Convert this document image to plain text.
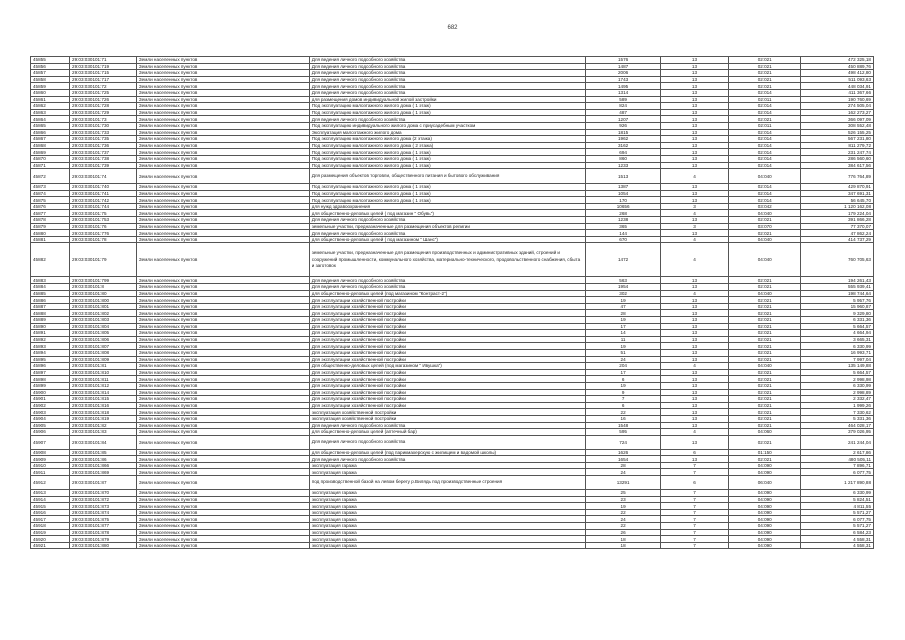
682
45855	29:03:030101:71	Земли населенных пунктов	Для ведения личного подсобного хозяйства	1576	13	02:021	472 325,18
45856	29:03:030101:719	Земли населенных пунктов	Для ведения личного подсобного хозяйства	1487	13	02:021	450 889,76
45857	29:03:030101:715	Земли населенных пунктов	Для ведения личного подсобного хозяйства	2006	13	02:021	498 412,80
45858	29:03:030101:717	Земли населенных пунктов	Для ведения личного подсобного хозяйства	1743	13	02:021	511 093,63
45859	29:03:030101:72	Земли населенных пунктов	Для ведения личного подсобного хозяйства	1495	13	02:021	448 034,91
45860	29:03:030101:725	Земли населенных пунктов	Для ведения личного подсобного хозяйства	1314	13	02:014	411 367,66
45861	29:03:030101:726	Земли населенных пунктов	для размещения домов индивидуальной жилой застройки	589	13	02:011	190 760,69
45862	29:03:030101:728	Земли населенных пунктов	Под эксплуатацию малоэтажного жилого дома ( 1 этаж)	824	13	02:014	274 505,04
45863	29:03:030101:729	Земли населенных пунктов	Под эксплуатацию малоэтажного жилого дома ( 1 этаж)	487	13	02:014	162 273,27
45864	29:03:030101:73	Земли населенных пунктов	Для ведения личного подсобного хозяйства	1207	13	02:021	366 097,09
45865	29:03:030101:730	Земли населенных пунктов	Под эксплуатацию индивидуального жилого дома с приусадебным участком	926	13	02:011	308 552,48
45866	29:03:030101:733	Земли населенных пунктов	Эксплуатация малоэтажного жилого дома	1815	13	02:014	526 155,25
45867	29:03:030101:735	Земли населенных пунктов	Под эксплуатацию малоэтажного жилого дома (2 этажа)	1962	13	02:014	567 231,80
45868	29:03:030101:736	Земли населенных пунктов	Под эксплуатацию малоэтажного жилого дома ( 2 этажа)	3162	13	02:014	811 279,72
45869	29:03:030101:737	Земли населенных пунктов	Под эксплуатацию малоэтажного жилого дома ( 1 этаж)	694	13	02:014	231 247,74
45870	29:03:030101:738	Земли населенных пунктов	Под эксплуатацию малоэтажного жилого дома ( 1 этаж)	860	13	02:014	286 560,60
45871	29:03:030101:739	Земли населенных пунктов	Под эксплуатацию малоэтажного жилого дома ( 1 этаж)	1233	13	02:014	384 617,56
45872	29:03:030101:74	Земли населенных пунктов	Для размещения объектов торговли, общественного питания и бытового обслуживания	1513	4	04:040	776 764,89
45873	29:03:030101:740	Земли населенных пунктов	Под эксплуатацию малоэтажного жилого дома ( 1 этаж)	1387	13	02:014	429 870,91
45874	29:03:030101:741	Земли населенных пунктов	Под эксплуатацию малоэтажного жилого дома ( 1 этаж)	1054	13	02:014	347 691,31
45875	29:03:030101:742	Земли населенных пунктов	Под эксплуатацию малоэтажного жилого дома ( 1 этаж)	170	13	02:014	56 645,70
45876	29:03:030101:744	Земли населенных пунктов	для нужд здравоохранения	10656	3	03:042	1 120 162,08
45877	29:03:030101:75	Земли населенных пунктов	для общественно-деловых целей ( под магазин " Обувь")	268	4	04:040	179 224,04
45878	29:03:030101:753	Земли населенных пунктов	Для ведения личного подсобного хозяйства	1238	13	02:021	391 866,28
45879	29:03:030101:76	Земли населенных пунктов	земельные участки, предназначенные для размещения объектов религии	365	3	03:070	77 370,07
45880	29:03:030101:776	Земли населенных пунктов	Для ведения личного подсобного хозяйства	144	13	02:021	47 862,24
45881	29:03:030101:78	Земли населенных пунктов	для общественно-деловых целей ( под магазином " Шанс")	670	4	04:040	414 737,29
45882	29:03:030101:79	Земли населенных пунктов	земельные участки, предназначенные для размещения производственных и административных зданий, строений и сооружений промышленности, коммунального хозяйства, материально-технического, продовольственного снабжения, сбыта и заготовок	1472	4	04:040	760 705,63
45883	29:03:030101:799	Земли населенных пунктов	Для ведения личного подсобного хозяйства	563	13	02:021	194 261,43
45884	29:03:030101:8	Земли населенных пунктов	Для ведения личного подсобного хозяйства	1954	13	02:021	555 939,41
45885	29:03:030101:80	Земли населенных пунктов	для общественно-деловых целей (под магазином "Контраст-2")	302	4	04:040	198 744,64
45886	29:03:030101:800	Земли населенных пунктов	Для эксплуатации хозяйственной постройки	19	13	02:021	5 957,76
45887	29:03:030101:801	Земли населенных пунктов	Для эксплуатации хозяйственной постройки	47	13	02:021	15 960,87
45888	29:03:030101:802	Земли населенных пунктов	Для эксплуатации хозяйственной постройки	28	13	02:021	9 329,80
45889	29:03:030101:803	Земли населенных пунктов	Для эксплуатации хозяйственной постройки	19	13	02:021	6 331,36
45890	29:03:030101:804	Земли населенных пунктов	Для эксплуатации хозяйственной постройки	17	13	02:021	5 664,57
45891	29:03:030101:805	Земли населенных пунктов	Для эксплуатации хозяйственной постройки	14	13	02:021	4 664,94
45892	29:03:030101:806	Земли населенных пунктов	Для эксплуатации хозяйственной постройки	11	13	02:021	3 665,31
45893	29:03:030101:807	Земли населенных пунктов	Для эксплуатации хозяйственной постройки	19	13	02:021	6 330,99
45894	29:03:030101:808	Земли населенных пунктов	Для эксплуатации хозяйственной постройки	51	13	02:021	16 993,71
45895	29:03:030101:809	Земли населенных пунктов	Для эксплуатации хозяйственной постройки	24	13	02:021	7 997,04
45896	29:03:030101:81	Земли населенных пунктов	Для общественно-деловых целей (под магазином " Ивушка")	204	4	04:040	135 149,88
45897	29:03:030101:810	Земли населенных пунктов	Для эксплуатации хозяйственной постройки	17	13	02:021	5 664,57
45898	29:03:030101:811	Земли населенных пунктов	Для эксплуатации хозяйственной постройки	6	13	02:021	2 998,98
45899	29:03:030101:812	Земли населенных пунктов	Для эксплуатации хозяйственной постройки	19	13	02:021	6 330,99
45900	29:03:030101:814	Земли населенных пунктов	Для эксплуатации хозяйственной постройки	9	13	02:021	2 998,89
45901	29:03:030101:815	Земли населенных пунктов	Для эксплуатации хозяйственной постройки	7	13	02:021	2 332,47
45902	29:03:030101:816	Земли населенных пунктов	Для эксплуатации хозяйственной постройки	6	13	02:021	1 999,26
45903	29:03:030101:818	Земли населенных пунктов	эксплуатация хозяйственной постройки	22	13	02:021	7 330,62
45904	29:03:030101:819	Земли населенных пунктов	эксплуатация хозяйственной постройки	16	13	02:021	5 331,36
45905	29:03:030101:82	Земли населенных пунктов	Для ведения личного подсобного хозяйства	1548	13	02:021	464 028,17
45906	29:03:030101:83	Земли населенных пунктов	для общественно-деловых целей (аптечный бар)	595	4	04:060	379 026,95
45907	29:03:030101:84	Земли населенных пунктов	Для ведения личного подсобного хозяйства	724	13	02:021	241 244,04
45908	29:03:030101:85	Земли населенных пунктов	для общественно-деловых целей (под парикмахерскую с жилищем и вадомой школы)	1626	6	01:150	2 617,86
45909	29:03:030101:86	Земли населенных пунктов	Для ведения личного подсобного хозяйства	1654	13	02:021	480 505,11
45910	29:03:030101:866	Земли населенных пунктов	эксплуатация гаража	28	7	04:090	7 896,71
45911	29:03:030101:869	Земли населенных пунктов	эксплуатация гаража	24	7	04:090	6 077,75
45912	29:03:030101:87	Земли населенных пунктов	под производственной базой на левом берегу р.Вилядь под производственные строения	13291	6	06:040	1 217 890,88
45913	29:03:030101:870	Земли населенных пунктов	эксплуатация гаража	25	7	04:090	6 330,99
45914	29:03:030101:872	Земли населенных пунктов	эксплуатация гаража	23	7	04:090	5 824,51
45915	29:03:030101:873	Земли населенных пунктов	эксплуатация гаража	19	7	04:090	4 811,55
45916	29:03:030101:874	Земли населенных пунктов	эксплуатация гаража	22	7	04:090	5 571,27
45917	29:03:030101:875	Земли населенных пунктов	эксплуатация гаража	24	7	04:090	6 077,75
45918	29:03:030101:877	Земли населенных пунктов	эксплуатация гаража	22	7	04:090	5 571,27
45919	29:03:030101:878	Земли населенных пунктов	эксплуатация гаража	26	7	04:090	6 584,23
45920	29:03:030101:879	Земли населенных пунктов	эксплуатация гаража	18	7	04:090	4 558,31
45921	29:03:030101:880	Земли населенных пунктов	эксплуатация гаража	18	7	04:090	4 558,31
